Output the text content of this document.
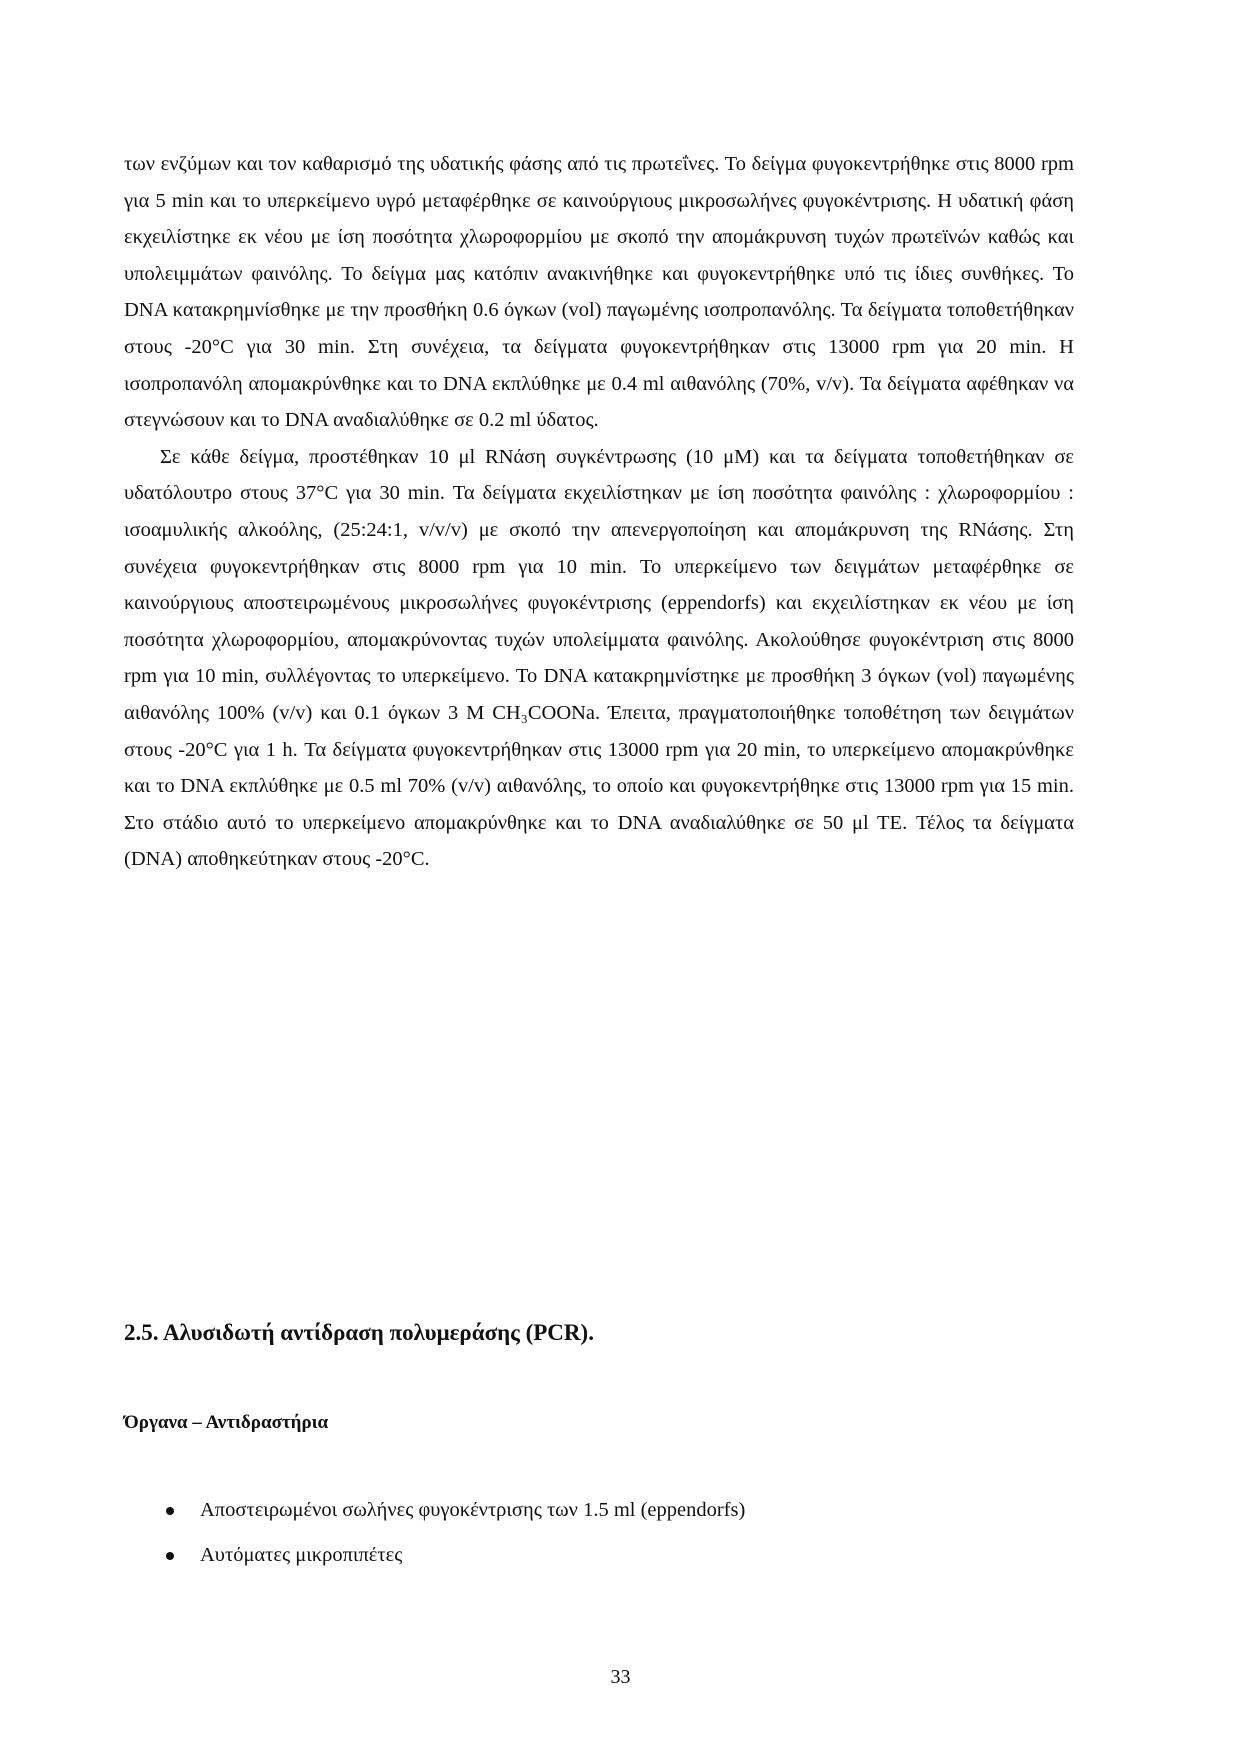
των ενζύμων και τον καθαρισμό της υδατικής φάσης από τις πρωτεΐνες. Το δείγμα φυγοκεντρήθηκε στις 8000 rpm για 5 min και το υπερκείμενο υγρό μεταφέρθηκε σε καινούργιους μικροσωλήνες φυγοκέντρισης. Η υδατική φάση εκχειλίστηκε εκ νέου με ίση ποσότητα χλωροφορμίου με σκοπό την απομάκρυνση τυχών πρωτεϊνών καθώς και υπολειμμάτων φαινόλης. Το δείγμα μας κατόπιν ανακινήθηκε και φυγοκεντρήθηκε υπό τις ίδιες συνθήκες. Το DNA κατακρημνίσθηκε με την προσθήκη 0.6 όγκων (vol) παγωμένης ισοπροπανόλης. Τα δείγματα τοποθετήθηκαν στους -20°C για 30 min. Στη συνέχεια, τα δείγματα φυγοκεντρήθηκαν στις 13000 rpm για 20 min. Η ισοπροπανόλη απομακρύνθηκε και το DNA εκπλύθηκε με 0.4 ml αιθανόλης (70%, v/v). Τα δείγματα αφέθηκαν να στεγνώσουν και το DNA αναδιαλύθηκε σε 0.2 ml ύδατος.

Σε κάθε δείγμα, προστέθηκαν 10 μl RNάση συγκέντρωσης (10 μM) και τα δείγματα τοποθετήθηκαν σε υδατόλουτρο στους 37°C για 30 min. Τα δείγματα εκχειλίστηκαν με ίση ποσότητα φαινόλης : χλωροφορμίου : ισοαμυλικής αλκοόλης, (25:24:1, v/v/v) με σκοπό την απενεργοποίηση και απομάκρυνση της RNάσης. Στη συνέχεια φυγοκεντρήθηκαν στις 8000 rpm για 10 min. Το υπερκείμενο των δειγμάτων μεταφέρθηκε σε καινούργιους αποστειρωμένους μικροσωλήνες φυγοκέντρισης (eppendorfs) και εκχειλίστηκαν εκ νέου με ίση ποσότητα χλωροφορμίου, απομακρύνοντας τυχών υπολείμματα φαινόλης. Ακολούθησε φυγοκέντριση στις 8000 rpm για 10 min, συλλέγοντας το υπερκείμενο. Το DNA κατακρημνίστηκε με προσθήκη 3 όγκων (vol) παγωμένης αιθανόλης 100% (v/v) και 0.1 όγκων 3 M CH₃COONa. Έπειτα, πραγματοποιήθηκε τοποθέτηση των δειγμάτων στους -20°C για 1 h. Τα δείγματα φυγοκεντρήθηκαν στις 13000 rpm για 20 min, το υπερκείμενο απομακρύνθηκε και το DNA εκπλύθηκε με 0.5 ml 70% (v/v) αιθανόλης, το οποίο και φυγοκεντρήθηκε στις 13000 rpm για 15 min. Στο στάδιο αυτό το υπερκείμενο απομακρύνθηκε και το DNA αναδιαλύθηκε σε 50 μl TE. Τέλος τα δείγματα (DNA) αποθηκεύτηκαν στους -20°C.

2.5. Αλυσιδωτή αντίδραση πολυμεράσης (PCR).
Όργανα – Αντιδραστήρια
Αποστειρωμένοι σωλήνες φυγοκέντρισης των 1.5 ml (eppendorfs)
Αυτόματες μικροπιπέτες
33
